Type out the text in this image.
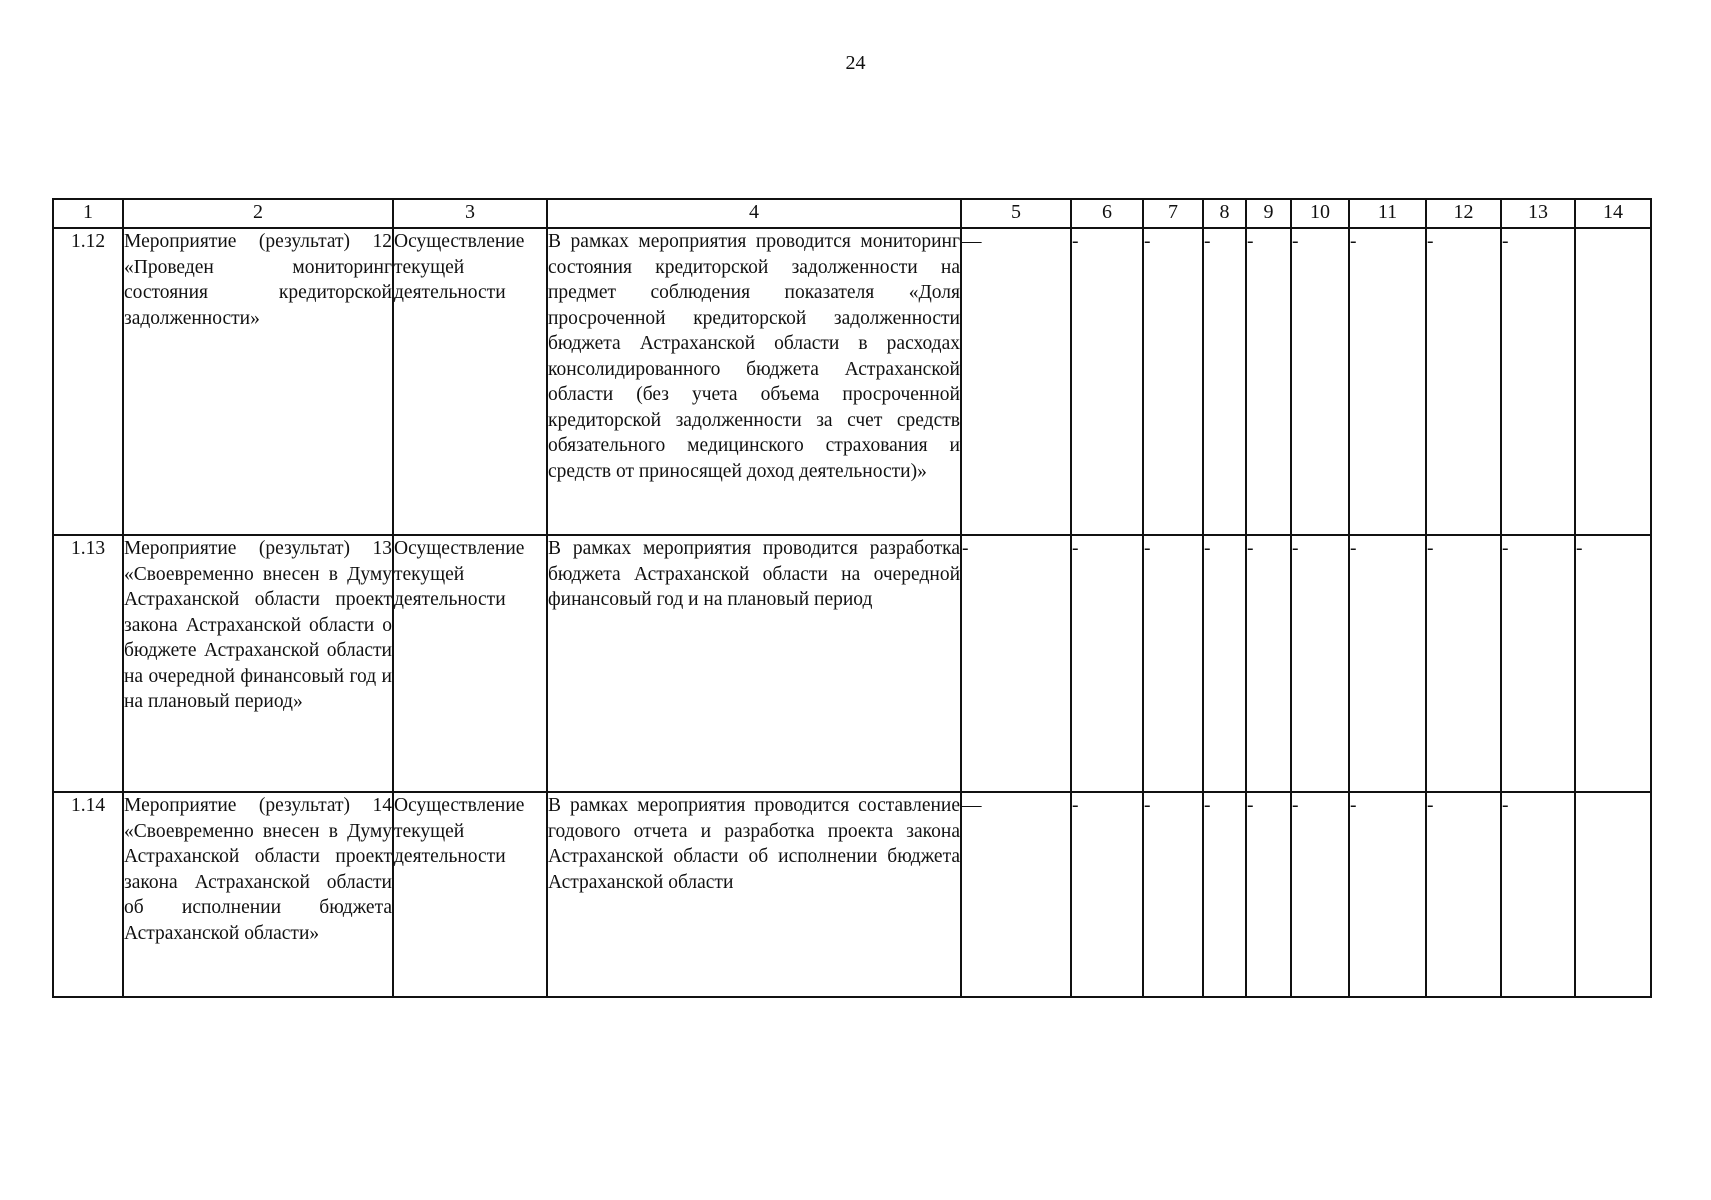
24
1	2	3	4	5	6	7	8	9	10	11	12	13	14
1.12	Мероприятие (результат) 12 «Проведен мониторинг состояния кредиторской задолженности»	Осуществление текущей деятельности	В рамках мероприятия проводится мониторинг состояния кредиторской задолженности на предмет соблюдения показателя «Доля просроченной кредиторской задолженности бюджета Астраханской области в расходах консолидированного бюджета Астраханской области (без учета объема просроченной кредиторской задолженности за счет средств обязательного медицинского страхования и средств от приносящей доход деятельности)»	—	-	-	-	-	-	-	-	-	
1.13	Мероприятие (результат) 13 «Своевременно внесен в Думу Астраханской области проект закона Астраханской области о бюджете Астраханской области на очередной финансовый год и на плановый период»	Осуществление текущей деятельности	В рамках мероприятия проводится разработка бюджета Астраханской области на очередной финансовый год и на плановый период	-	-	-	-	-	-	-	-	-	-
1.14	Мероприятие (результат) 14 «Своевременно внесен в Думу Астраханской области проект закона Астраханской области об исполнении бюджета Астраханской области»	Осуществление текущей деятельности	В рамках мероприятия проводится составление годового отчета и разработка проекта закона Астраханской области об исполнении бюджета Астраханской области	—	-	-	-	-	-	-	-	-	
